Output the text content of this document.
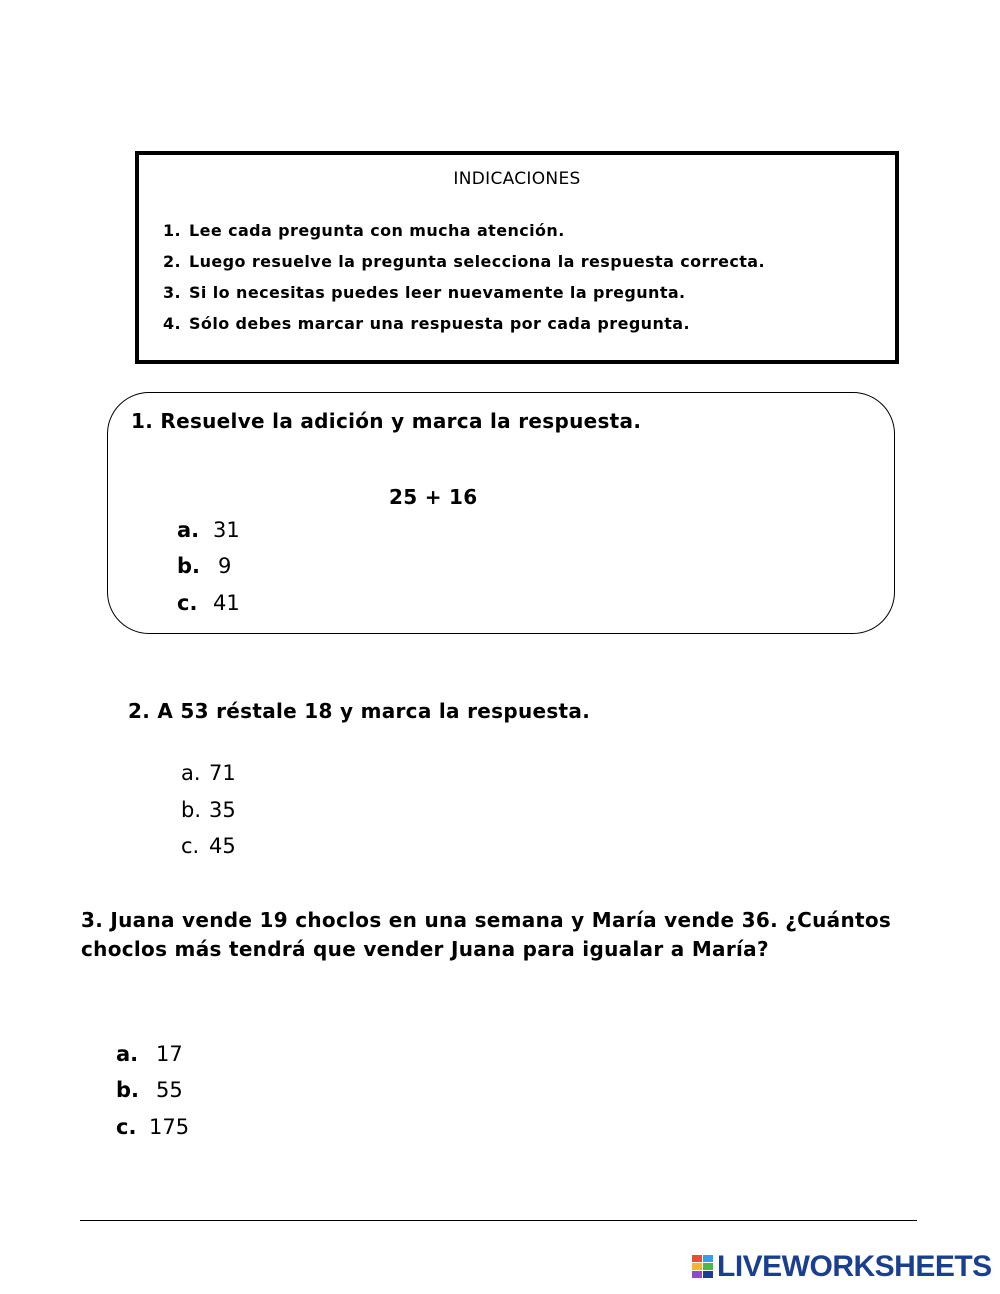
INDICACIONES
1. Lee cada pregunta con mucha atención.
2. Luego resuelve la pregunta selecciona la respuesta correcta.
3. Si lo necesitas puedes leer nuevamente la pregunta.
4. Sólo debes marcar una respuesta por cada pregunta.
1. Resuelve la adición y marca la respuesta.
25 + 16
a. 31
b. 9
c. 41
2. A 53 réstale 18 y marca la respuesta.
a. 71
b. 35
c. 45
3. Juana vende 19 choclos en una semana y María vende 36. ¿Cuántos
choclos más tendrá que vender Juana para igualar a María?
a. 17
b. 55
c. 175
LIVEWORKSHEETS
